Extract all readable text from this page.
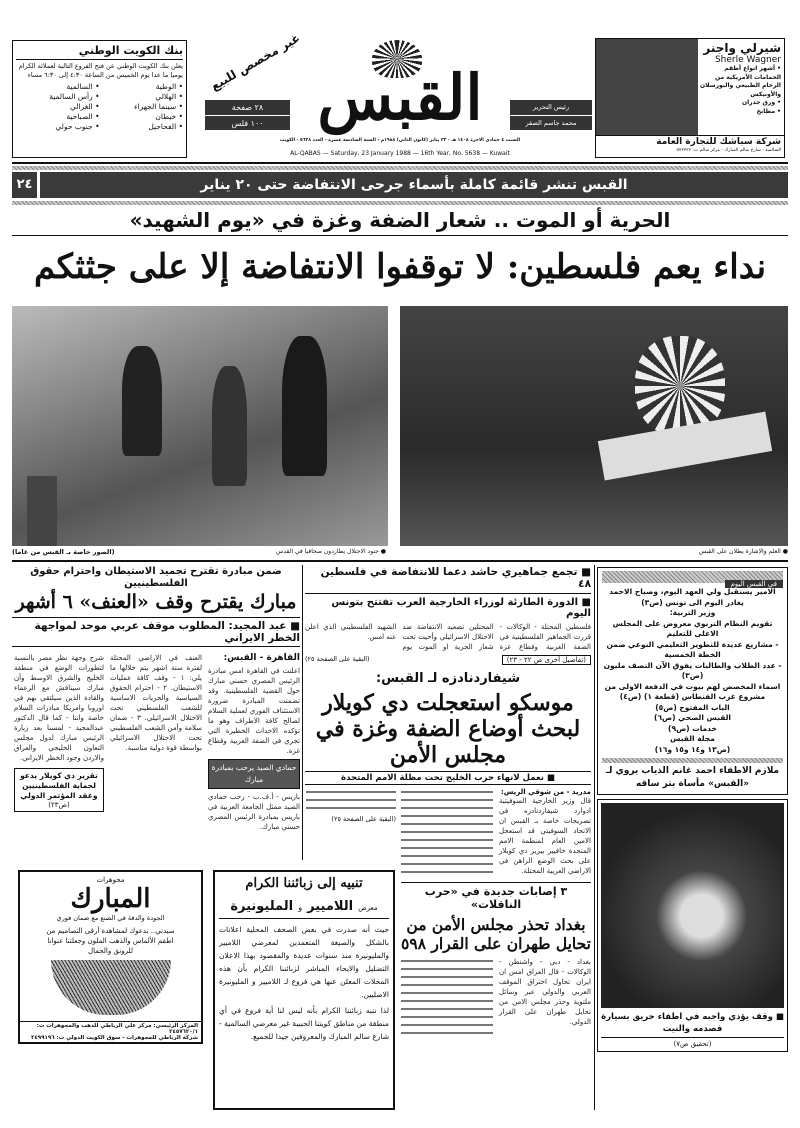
بنك الكويت الوطني
يعلن بنك الكويت الوطني عن فتح الفروع التالية لعملائه الكرام يوميا ما عدا يوم الخميس من الساعة ٤:٣٠ إلى ٦:٣٠ مساء
• الوطية
• السالمية
• الهلالي
• رأس السالمية
• سينما الجهراء
• الغزالي
• خيطان
• الصباحية
• الفحاحيل
• جنوب حولي
غير مخصص للبيع
٢٨ صفحة
١٠٠ فلس القبس	رئيس التحرير
محمد جاسم الصقر
السبت ٤ جمادى الاخرة ١٤٠٨ هـ - ٢٣ يناير (كانون الثاني) ١٩٨٨م - السنة السادسة عشرة - العدد ٥٦٣٨ - الكويت
AL-QABAS — Saturday, 23 January 1988 — 16th Year, No. 5638 — Kuwait
شيرلي واجنر
Sherle Wagner
• أشهر انواع أطقم الحمامات الأمريكية من الرخام الطبيعي والبورسلان والأونيكس
• ورق جدران
• مطابخ
شركة سباشك للتجارة العامة
السالمية - شارع سالم المبارك - مركز سالم ت: ٥٧٢٢٢٢
القبس تنشر قائمة كاملة بأسماء جرحى الانتفاضة حتى ٢٠ يناير
٢٤
الحرية أو الموت .. شعار الضفة وغزة في «يوم الشهيد»
نداء يعم فلسطين: لا توقفوا الانتفاضة إلا على جثثكم
● العلم والاشارة يطلان على القبس
● جنود الاحتلال يطاردون صحافيا في القدس
(الصور خاصة بـ القبس من غاما)
ضمن مبادرة تقترح تجميد الاستيطان واحترام حقوق الفلسطينيين
مبارك يقترح وقف «العنف» ٦ أشهر
■ عبد المجيد: المطلوب موقف عربي موحد لمواجهة الخطر الايراني
القاهرة - القبس:
اعلنت في القاهرة امس مبادرة الرئيس المصري حسني مبارك حول القضية الفلسطينية. وقد تضمنت المبادرة ضرورة الاستئناف الفوري لعملية السلام لصالح كافة الاطراف وهو ما تؤكده الاحداث الخطيرة التي تجري في الضفة الغربية وقطاع غزة.
حمادي الصيد يرحب بمبادرة مبارك
باريس - أ.ف.ب - رحب حمادي الصيد ممثل الجامعة العربية في باريس بمبادرة الرئيس المصري حسني مبارك.
العنف في الاراضي المحتلة لفترة ستة اشهر يتم خلالها ما يلي: ١ - وقف كافة عمليات الاستيطان. ٢ - احترام الحقوق السياسية والحريات الاساسية للشعب الفلسطيني تحت الاحتلال الاسرائيلي. ٣ - ضمان سلامة وأمن الشعب الفلسطيني تحت الاحتلال الاسرائيلي بواسطة قوة دولية مناسبة.
شرح وجهة نظر مصر بالنسبة لتطورات الوضع في منطقة الخليج والشرق الاوسط وأن مبارك سيناقش مع الزعماء والقادة الذين سيلتقي بهم في اوروبا وامريكا مبادرات السلام خاصة واننا - كما قال الدكتور عبدالمجيد - لمسنا بعد زيارة الرئيس مبارك لدول مجلس التعاون الخليجي والعراق والاردن وجود الخطر الايراني.
تقرير دي كويلار يدعو لحماية الفلسطينيين وعقد المؤتمر الدولي
(ص٢٣)
■ تجمع جماهيري حاشد دعما للانتفاضة في فلسطين ٤٨
■ الدورة الطارئة لوزراء الخارجية العرب تفتتح بتونس اليوم
فلسطين المحتلة - الوكالات - قررت الجماهير الفلسطينية في الضفة الغربية وقطاع غزة المحتلين تصعيد الانتفاضة ضد الاحتلال الاسرائيلي وأحيت تحت شعار الحرية او الموت يوم الشهيد الفلسطيني الذي اعلن عنه امس.
(تفاصيل أخرى ص ٢٢ - ٢٣)
(البقية على الصفحة ٢٥)
شيفاردنادزه لـ القبس:
موسكو استعجلت دي كويلار لبحث أوضاع الضفة وغزة في مجلس الأمن
■ نعمل لانهاء حرب الخليج تحت مظلة الامم المتحدة
مدريد - من شوقي الريس:
قال وزير الخارجية السوفيتية ادوارد شيفاردنادزه في تصريحات خاصة بـ القبس ان الاتحاد السوفيتي قد استعجل الامين العام لمنظمة الامم المتحدة خافيير بيريز دي كويلار على بحث الوضع الراهن في الاراضي العربية المحتلة.
٣ إصابات جديدة في «حرب الناقلات»
بغداد تحذر مجلس الأمن من تحايل طهران على القرار ٥٩٨
بغداد - دبي - واشنطن - الوكالات - قال العراق امس ان ايران تحاول اختراق الموقف العربي والدولي عبر وسائل ملتوية وحذر مجلس الامن من تحايل طهران على القرار الدولي.
(البقية على الصفحة ٢٥)
في القبس اليوم
الامير يستقبل ولي العهد اليوم، وصباح الاحمد يغادر اليوم الى تونس (ص٣)
وزير التربية:
تقويم النظام التربوي معروض على المجلس الاعلى للتعليم
- مشاريع عديدة للتطوير التعليمي النوعي ضمن الخطة الخمسية
- عدد الطلاب والطالبات يفوق الآن النصف مليون (ص٣)
اسماء المخصص لهم بيوت في الدفعة الاولى من مشروع غرب الفنطاس (قطعة ١) (ص٤)
الباب المفتوح (ص٥)
القبس الصحي (ص٦)
خدمات (ص٩)
مجلة القبس
(ص١٣ و١٤ و١٥ و١٦)
ملازم الاطفاء احمد غانم الذياب يروي لـ «القبس» مأساة بتر ساقه
■ وقف يؤدي واجبه في اطفاء حريق بسيارة فصدمه والنيت
(تحقيق ص٧)
تنبيه إلى زبائننا الكرام
معرض اللاميير و المليونيرة
حيث أنه صدرت في بعض الصحف المحلية اعلانات بالشكل والصيغة المتعمدين لمعرضي اللاميير والمليونيرة منذ سنوات عديدة والمقصود بهذا الاعلان التضليل والايحاء المباشر لزبائننا الكرام بأن هذه المحلات المعلن عنها هي فروع لـ اللاميير و المليونيرة الاصليين.
لذا ننبه زبائننا الكرام بأنه ليس لنا أية فروع في أي منطقة من مناطق كويتنا الحبيبة غير معرضي السالمية - شارع سالم المبارك والمعروفين جيدا للجميع.
مجوهرات
المبارك
الجودة والدقة في الصنع مع ضمان فوري
سيدتي.. ندعوك لمشاهدة أرقى التصاميم من اطقم الألماس والذهب الملون وجعلتنا عنوانا للرونق والجمال
المركز الرئيسي: مركز علي الرباطي للذهب والمجوهرات ت: ٢٤٥٧٦٢٠/١
شركة الرباطي للمجوهرات - سوق الكويت الدولي ت: ٢٤٩٩١٩٦
